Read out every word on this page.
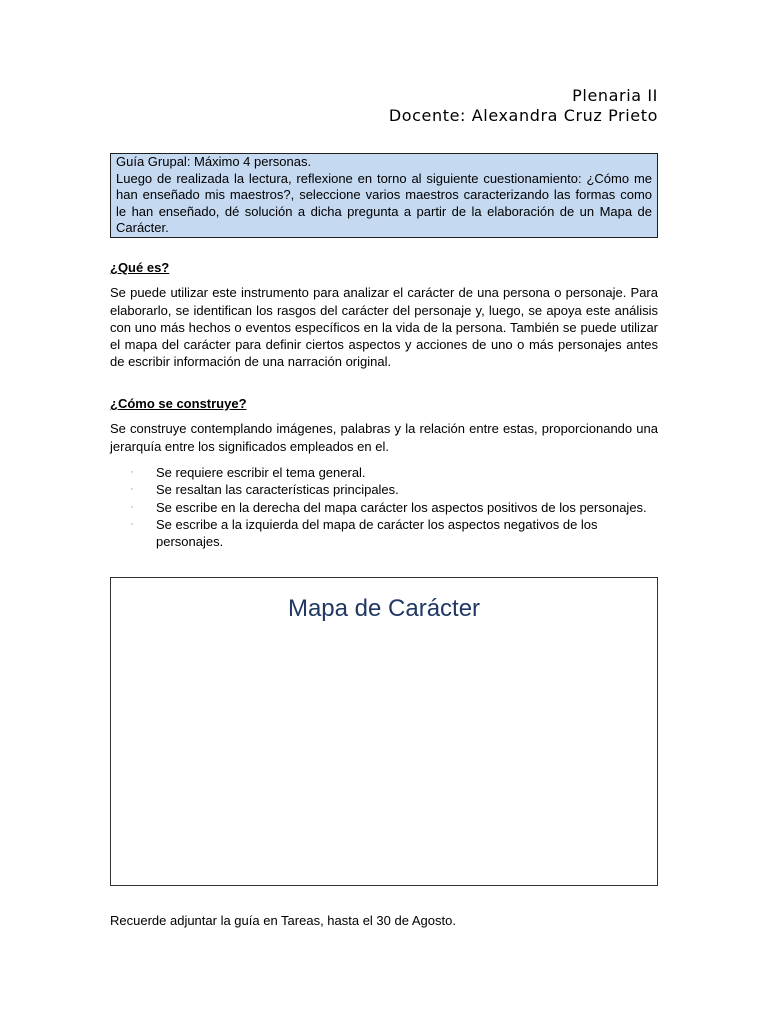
Plenaria II
Docente: Alexandra Cruz Prieto

Guía Grupal: Máximo 4 personas.

Luego de realizada la lectura, reflexione en torno al siguiente cuestionamiento: ¿Cómo me han enseñado mis maestros?, seleccione varios maestros caracterizando las formas como le han enseñado, dé solución a dicha pregunta a partir de la elaboración de un Mapa de Carácter.

¿Qué es?

Se puede utilizar este instrumento para analizar el carácter de una persona o personaje. Para elaborarlo, se identifican los rasgos del carácter del personaje y, luego, se apoya este análisis con uno más hechos o eventos específicos en la vida de la persona. También se puede utilizar el mapa del carácter para definir ciertos aspectos y acciones de uno o más personajes antes de escribir información de una narración original.

¿Cómo se construye?

Se construye contemplando imágenes, palabras y la relación entre estas, proporcionando una jerarquía entre los significados empleados en el.

· Se requiere escribir el tema general.

· Se resaltan las características principales.

· Se escribe en la derecha del mapa carácter los aspectos positivos de los personajes.

· Se escribe a la izquierda del mapa de carácter los aspectos negativos de los personajes.

Mapa de Carácter
Recuerde adjuntar la guía en Tareas, hasta el 30 de Agosto.
